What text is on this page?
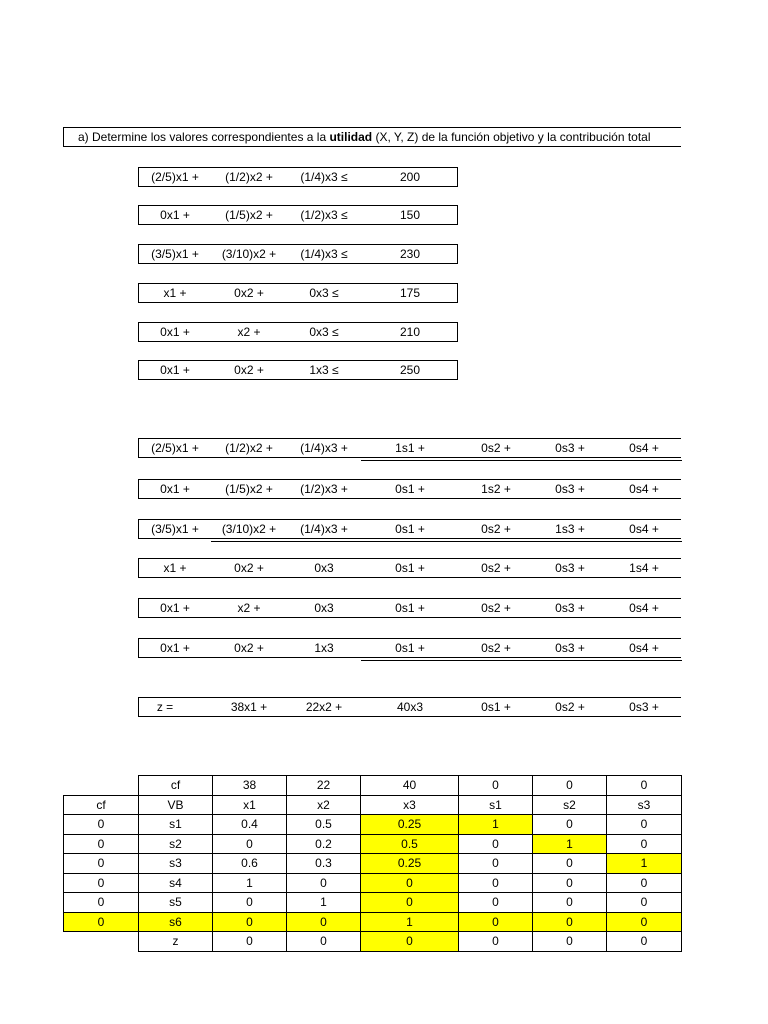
a) Determine los valores correspondientes a la utilidad (X, Y, Z) de la función objetivo y la contribución total
(2/5)x1 +	(1/2)x2 +	(1/4)x3 ≤	200
0x1 +	(1/5)x2 +	(1/2)x3 ≤	150
(3/5)x1 +	(3/10)x2 +	(1/4)x3 ≤	230
x1 +	0x2 +	0x3 ≤	175
0x1 +	x2 +	0x3 ≤	210
0x1 +	0x2 +	1x3 ≤	250
(2/5)x1 +	(1/2)x2 +	(1/4)x3 +	1s1 +	0s2 +	0s3 +	0s4 +
0x1 +	(1/5)x2 +	(1/2)x3 +	0s1 +	1s2 +	0s3 +	0s4 +
(3/5)x1 +	(3/10)x2 +	(1/4)x3 +	0s1 +	0s2 +	1s3 +	0s4 +
x1 +	0x2 +	0x3	0s1 +	0s2 +	0s3 +	1s4 +
0x1 +	x2 +	0x3	0s1 +	0s2 +	0s3 +	0s4 +
0x1 +	0x2 +	1x3	0s1 +	0s2 +	0s3 +	0s4 +
z =	38x1 +	22x2 +	40x3	0s1 +	0s2 +	0s3 +
	cf	38	22	40	0	0	0
cf	VB	x1	x2	x3	s1	s2	s3
0	s1	0.4	0.5	0.25	1	0	0
0	s2	0	0.2	0.5	0	1	0
0	s3	0.6	0.3	0.25	0	0	1
0	s4	1	0	0	0	0	0
0	s5	0	1	0	0	0	0
0	s6	0	0	1	0	0	0
	z	0	0	0	0	0	0
